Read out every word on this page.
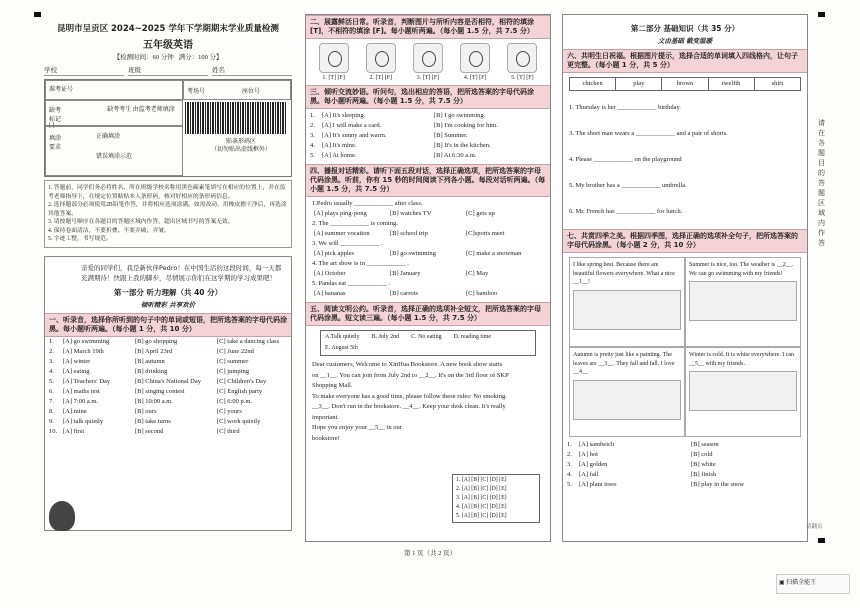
昆明市呈贡区 2024~2025 学年下学期期末学业质量检测
五年级英语
【检测时间：60 分钟 满分：100 分】
学校	班级	姓名
准考证号	考场号	座位号
缺考标记 [ ]
缺考考生 由监考老师填涂
填涂要求
正确填涂
错误填涂示范
贴条形码区
（切勿贴出虚线框外）
1. 答题前，同学们务必将姓名、所在班级学校名称用黑色碳素笔填写在相应的位置上，并在监考老师指导下，在规定位置粘贴本人条形码，核对好相应的条形码信息。
2. 选择题部分必须使用2B铅笔作答，并将相应选项涂满。如需改动，用橡皮擦干净后，再选涂其他答案。
3. 请按题号顺序在各题目的答题区域内作答，超出区域书写的答案无效。
4. 保持卷面清洁，不要折叠、不要弄破、弄皱。
5. 字迹工整，书写规范。
亲爱的同学们，我是新伙伴Pedro！在中国生活的这段时间，每一天都充满期待！快跟上我的脚步，尽情展示你们在这学期的学习成果吧！
第一部分 听力理解（共 40 分）
倾听精彩 共享欢价
一、听录音，选择你所听到的句子中的单词或短语，把所选答案的字母代码涂黑。每小题听两遍。（每小题 1 分，共 10 分）
1.	[A] go swimming	[B] go shopping	[C] take a dancing class
2.	[A] March 19th	[B] April 23rd	[C] June 22nd
3.	[A] winter	[B] autumn	[C] summer
4.	[A] eating	[B] drinking	[C] jumping
5.	[A] Teachers' Day	[B] China's National Day	[C] Children's Day
6.	[A] maths test	[B] singing contest	[C] English party
7.	[A] 7:00 a.m.	[B] 10:00 a.m.	[C] 6:00 p.m.
8.	[A] mine	[B] ours	[C] yours
9.	[A] talk quietly	[B] take turns	[C] work quietly
10. [A] first	[B] second	[C] third
二、展露鲜活日常。听录音，判断图片与所听内容是否相符，相符的填涂 [T]，不相符的填涂 [F]。每小题听两遍。（每小题 1.5 分，共 7.5 分）
1. [T] [F]	2. [T] [F]	3. [T] [F]	4. [T] [F]	5. [T] [F]
三、倾听交流妙语。听问句，选出相应的答语，把所选答案的字母代码涂黑。每小题听两遍。（每小题 1.5 分，共 7.5 分）
1.	[A] It's sleeping.	[B] I go swimming.
2.	[A] I will make a card.	[B] I'm cooking for him.
3.	[A] It's sunny and warm.	[B] Summer.
4.	[A] It's mine.	[B] It's in the kitchen.
5.	[A] At home.	[B] At 6:30 a.m.
四、播报对话精彩。请听下面五段对话，选择正确选项，把所选答案的字母代码涂黑。听前，你有 15 秒的时间阅读下列各小题。每段对话听两遍。（每小题 1.5 分，共 7.5 分）
1.Pedro usually ____________ after class.
[A] plays ping-pong	[B] watches TV	[C] gets up
2. The ____________ is coming.
[A] summer vocation	[B] school trip	[C]sports meet
3. We will ____________ .
[A] pick apples	[B] go swimming	[C] make a snowman
4. The art show is in ____________ .
[A] October	[B] January	[C] May
5. Pandas eat ____________ .
[A] bananas	[B] carrots	[C] bamboo
五、阅读文明公约。听录音，选择正确的选项补全短文，把所选答案的字母代码涂黑。短文读三遍。（每小题 1.5 分，共 7.5 分）
A.Talk quietly B. July 2nd C. No eating D. reading time
E. August 5th
Dear customers, Welcome to XinHua Bookstore. A new book show starts
on __1__. You can join from July 2nd to __2__. It's on the 3rd floor of SKP
Shopping Mall.
To make everyone has a good time, please follow these rules: No smoking.
__3__. Don't run in the bookstore. __4__. Keep your desk clean. It's really
important.
Hope you enjoy your __5__ in our
bookstore!
1. [A] [B] [C] [D] [E]
2. [A] [B] [C] [D] [E]
3. [A] [B] [C] [D] [E]
4. [A] [B] [C] [D] [E]
5. [A] [B] [C] [D] [E]
第二部分 基础知识（共 35 分）
文由基础 截变温暖
六、共明生日祝福。根据图片提示，选择合适的单词填入四线格内，让句子更完整。（每小题 1 分，共 5 分）
chicken	play	brown	twelfth	shirt
1. Thursday is her ____________ birthday.
3. The short man wears a ____________ and a pair of shorts.
4. Please ____________ on the playground
5. My brother has a ____________ umbrella.
6. Mr. French has ____________ for lunch.
七、共赏四季之美。根据四季图，选择正确的选项补全句子，把所选答案的字母代码涂黑。（每小题 2 分，共 10 分）
I like spring best. Because there are beautiful flowers everywhere. What a nice __1__!
Summer is nice, too. The weather is __2__. We can go swimming with my friends!
Autumn is pretty just like a painting. The leaves are __3__. They fall and fall. I love __4__
Winter is cold. It is white everywhere. I can __5__ with my friends.
1.	[A] sandwich	[B] season
2.	[A] hot	[B] cold
3.	[A] golden	[B] white
4.	[A] fall	[B] finish
5.	[A] plant trees	[B] play in the snow
请在各题目的答题区域内作答
请翻页
第 1 页（共 2 页）
▣ 扫描全能王
